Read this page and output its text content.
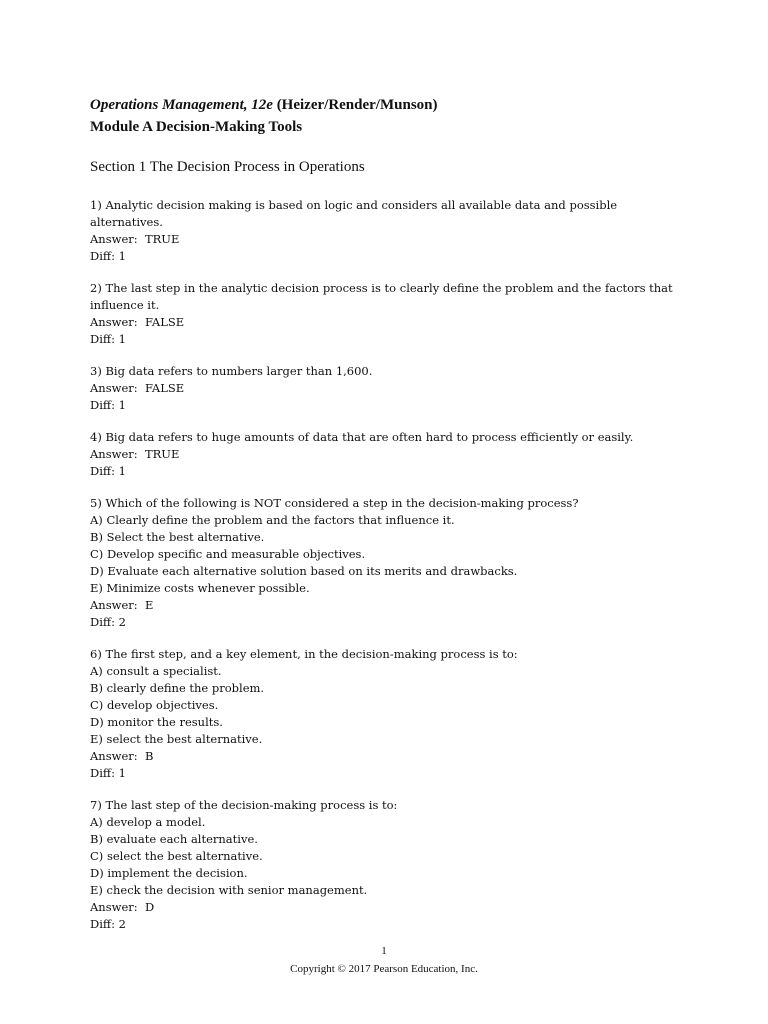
Operations Management, 12e (Heizer/Render/Munson)
Module A Decision-Making Tools
Section 1 The Decision Process in Operations
1) Analytic decision making is based on logic and considers all available data and possible alternatives.
Answer:  TRUE
Diff: 1
2) The last step in the analytic decision process is to clearly define the problem and the factors that
influence it.
Answer:  FALSE
Diff: 1
3) Big data refers to numbers larger than 1,600.
Answer:  FALSE
Diff: 1
4) Big data refers to huge amounts of data that are often hard to process efficiently or easily.
Answer:  TRUE
Diff: 1
5) Which of the following is NOT considered a step in the decision-making process?
A) Clearly define the problem and the factors that influence it.
B) Select the best alternative.
C) Develop specific and measurable objectives.
D) Evaluate each alternative solution based on its merits and drawbacks.
E) Minimize costs whenever possible.
Answer:  E
Diff: 2
6) The first step, and a key element, in the decision-making process is to:
A) consult a specialist.
B) clearly define the problem.
C) develop objectives.
D) monitor the results.
E) select the best alternative.
Answer:  B
Diff: 1
7) The last step of the decision-making process is to:
A) develop a model.
B) evaluate each alternative.
C) select the best alternative.
D) implement the decision.
E) check the decision with senior management.
Answer:  D
Diff: 2
1
Copyright © 2017 Pearson Education, Inc.
